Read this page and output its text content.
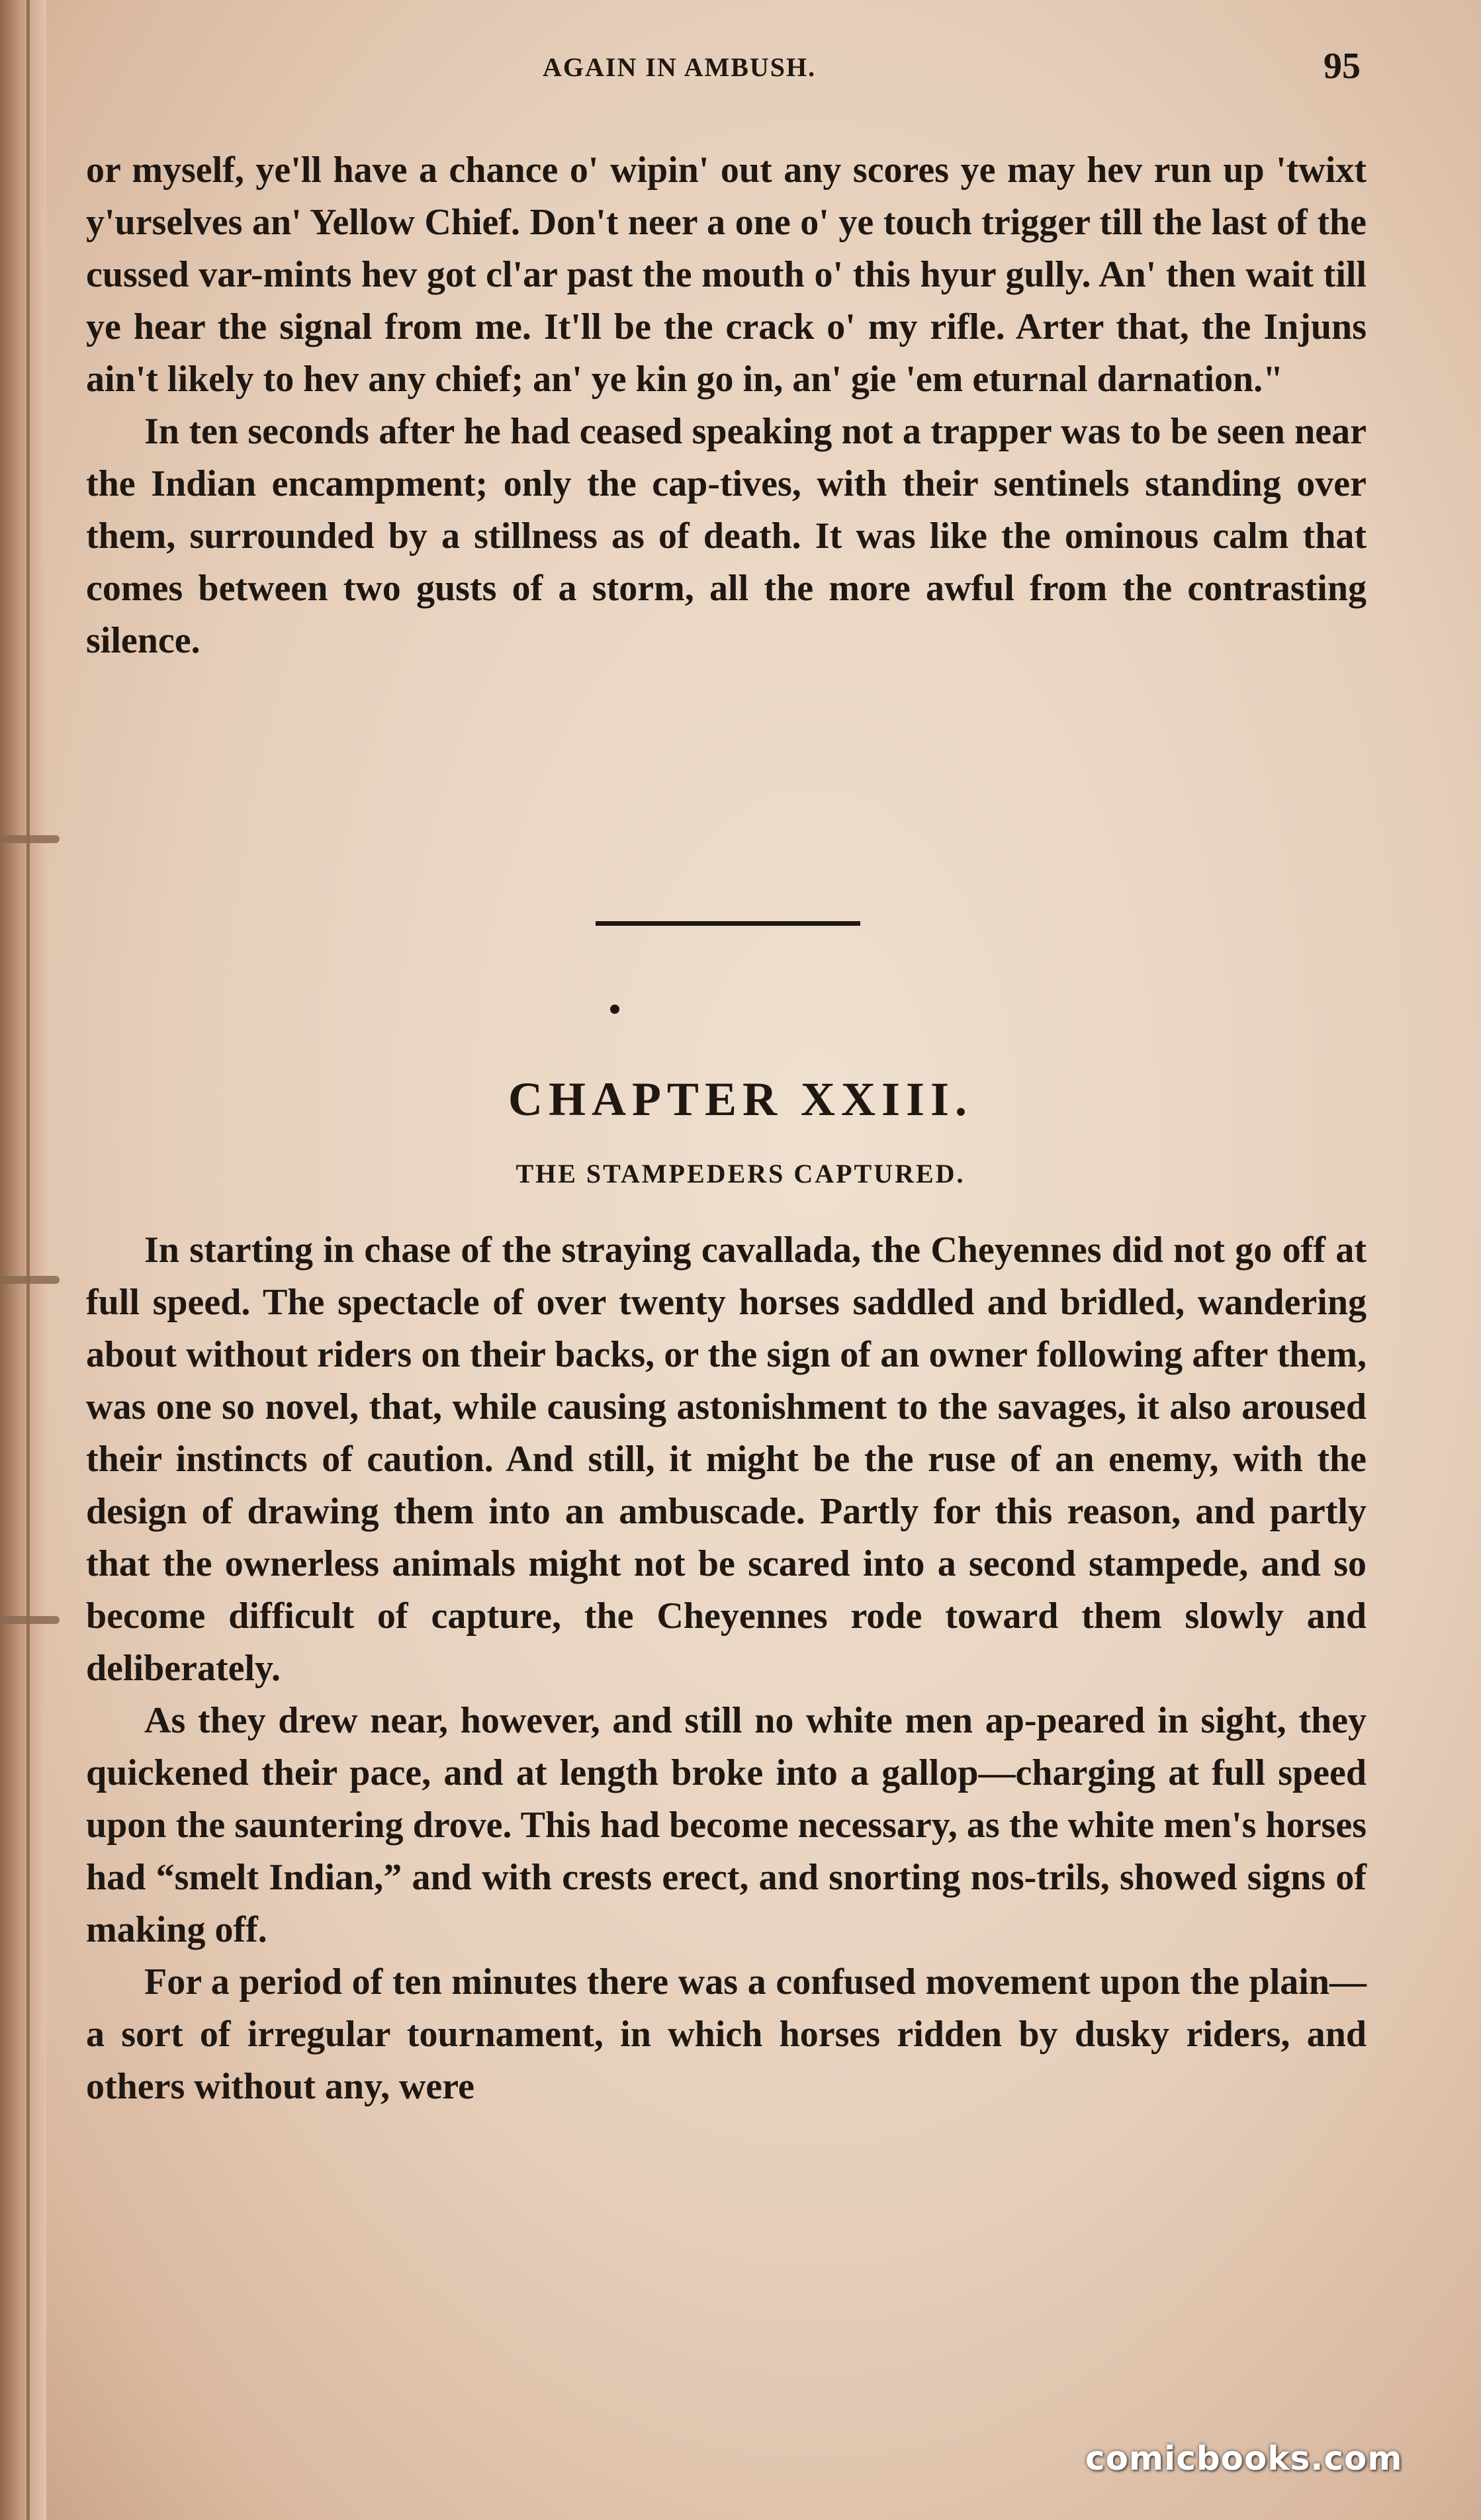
AGAIN IN AMBUSH.	95

or myself, ye'll have a chance o' wipin' out any scores ye may hev run up 'twixt y'urselves an' Yellow Chief. Don't neer a one o' ye touch trigger till the last of the cussed var-mints hev got cl'ar past the mouth o' this hyur gully. An' then wait till ye hear the signal from me. It'll be the crack o' my rifle. Arter that, the Injuns ain't likely to hev any chief; an' ye kin go in, an' gie 'em eturnal darnation."

In ten seconds after he had ceased speaking not a trapper was to be seen near the Indian encampment; only the cap-tives, with their sentinels standing over them, surrounded by a stillness as of death. It was like the ominous calm that comes between two gusts of a storm, all the more awful from the contrasting silence.

CHAPTER XXIII.
THE STAMPEDERS CAPTURED.

In starting in chase of the straying cavallada, the Cheyennes did not go off at full speed. The spectacle of over twenty horses saddled and bridled, wandering about without riders on their backs, or the sign of an owner following after them, was one so novel, that, while causing astonishment to the savages, it also aroused their instincts of caution. And still, it might be the ruse of an enemy, with the design of drawing them into an ambuscade. Partly for this reason, and partly that the ownerless animals might not be scared into a second stampede, and so become difficult of capture, the Cheyennes rode toward them slowly and deliberately.

As they drew near, however, and still no white men ap-peared in sight, they quickened their pace, and at length broke into a gallop—charging at full speed upon the sauntering drove. This had become necessary, as the white men's horses had “smelt Indian,” and with crests erect, and snorting nos-trils, showed signs of making off.

For a period of ten minutes there was a confused movement upon the plain—a sort of irregular tournament, in which horses ridden by dusky riders, and others without any, were

comicbooks.com
